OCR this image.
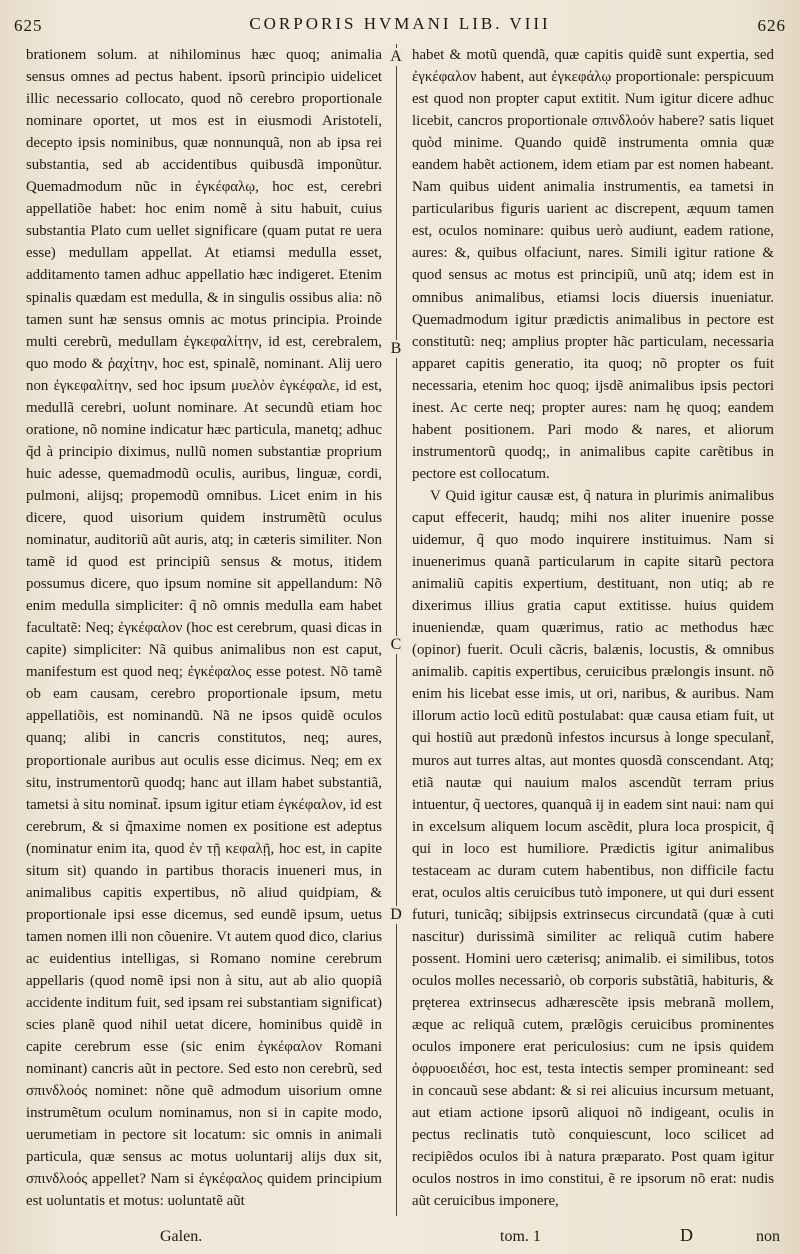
625	CORPORIS HVMANI LIB. VIII	626

brationem solum. at nihilominus hæc quoq; animalia sensus omnes ad pectus habent. ipsorũ principio uidelicet illic necessario collocato, quod nõ cerebro proportionale nominare oportet, ut mos est in eiusmodi Aristoteli, decepto ipsis nominibus, quæ nonnunquã, non ab ipsa rei substantia, sed ab accidentibus quibusdã imponũtur. Quemadmodum nũc in ἐγκέφαλῳ, hoc est, cerebri appellatiõe habet: hoc enim nomẽ à situ habuit, cuius substantia Plato cum uellet significare (quam putat re uera esse) medullam appellat. At etiamsi medulla esset, additamento tamen adhuc appellatio hæc indigeret. Etenim spinalis quædam est medulla, & in singulis ossibus alia: nõ tamen sunt hæ sensus omnis ac motus principia. Proinde multi cerebrũ, medullam ἐγκεφαλίτην, id est, cerebralem, quo modo & ῥαχίτην, hoc est, spinalẽ, nominant. Alij uero non ἐγκεφαλίτην, sed hoc ipsum μυελὸν ἐγκέφαλε, id est, medullã cerebri, uolunt nominare. At secundũ etiam hoc oratione, nõ nomine indicatur hæc particula, manetq; adhuc q̃d à principio diximus, nullũ nomen substantiæ proprium huic adesse, quemadmodũ oculis, auribus, linguæ, cordi, pulmoni, alijsq; propemodũ omnibus. Licet enim in his dicere, quod uisorium quidem instrumẽtũ oculus nominatur, auditoriũ aũt auris, atq; in cæteris similiter. Non tamẽ id quod est principiũ sensus & motus, itidem possumus dicere, quo ipsum nomine sit appellandum: Nõ enim medulla simpliciter: q̃ nõ omnis medulla eam habet facultatẽ: Neq; ἐγκέφαλον (hoc est cerebrum, quasi dicas in capite) simpliciter: Nã quibus animalibus non est caput, manifestum est quod neq; ἐγκέφαλος esse potest. Nõ tamẽ ob eam causam, cerebro proportionale ipsum, metu appellatiõis, est nominandũ. Nã ne ipsos quidẽ oculos quanq; alibi in cancris constitutos, neq; aures, proportionale auribus aut oculis esse dicimus. Neq; em ex situ, instrumentorũ quodq; hanc aut illam habet substantiã, tametsi à situ nominat̃. ipsum igitur etiam ἐγκέφαλον, id est cerebrum, & si q̃maxime nomen ex positione est adeptus (nominatur enim ita, quod ἐν τῇ κεφαλῇ, hoc est, in capite situm sit) quando in partibus thoracis inueneri mus, in animalibus capitis expertibus, nõ aliud quidpiam, & proportionale ipsi esse dicemus, sed eundẽ ipsum, uetus tamen nomen illi non cõuenire. Vt autem quod dico, clarius ac euidentius intelligas, si Romano nomine cerebrum appellaris (quod nomẽ ipsi non à situ, aut ab alio quopiã accidente inditum fuit, sed ipsam rei substantiam significat) scies planẽ quod nihil uetat dicere, hominibus quidẽ in capite cerebrum esse (sic enim ἐγκέφαλον Romani nominant) cancris aũt in pectore. Sed esto non cerebrũ, sed σπινδλοός nominet: nõne quẽ admodum uisorium omne instrumẽtum oculum nominamus, non si in capite modo, uerumetiam in pectore sit locatum: sic omnis in animali particula, quæ sensus ac motus uoluntarij alijs dux sit, σπινδλοός appellet? Nam si ἐγκέφαλος quidem principium est uoluntatis et motus: uoluntatẽ aũt

A
B
C
D

habet & motũ quendã, quæ capitis quidẽ sunt expertia, sed ἐγκέφαλον habent, aut ἐγκεφάλῳ proportionale: perspicuum est quod non propter caput extitit. Num igitur dicere adhuc licebit, cancros proportionale σπινδλοόν habere? satis liquet quòd minime. Quando quidẽ instrumenta omnia quæ eandem habẽt actionem, idem etiam par est nomen habeant. Nam quibus uident animalia instrumentis, ea tametsi in particularibus figuris uarient ac discrepent, æquum tamen est, oculos nominare: quibus uerò audiunt, eadem ratione, aures: &, quibus olfaciunt, nares. Simili igitur ratione & quod sensus ac motus est principiũ, unũ atq; idem est in omnibus animalibus, etiamsi locis diuersis inueniatur. Quemadmodum igitur prædictis animalibus in pectore est constitutũ: neq; amplius propter hãc particulam, necessaria apparet capitis generatio, ita quoq; nõ propter os fuit necessaria, etenim hoc quoq; ijsdẽ animalibus ipsis pectori inest. Ac certe neq; propter aures: nam hę quoq; eandem habent positionem. Pari modo & nares, et aliorum instrumentorũ quodq;, in animalibus capite carẽtibus in pectore est collocatum.

V Quid igitur causæ est, q̃ natura in plurimis animalibus caput effecerit, haudq; mihi nos aliter inuenire posse uidemur, q̃ quo modo inquirere instituimus. Nam si inuenerimus quanã particularum in capite sitarũ pectora animaliũ capitis expertium, destituant, non utiq; ab re dixerimus illius gratia caput extitisse. huius quidem inueniendæ, quam quærimus, ratio ac methodus hæc (opinor) fuerit. Oculi cãcris, balænis, locustis, & omnibus animalib. capitis expertibus, ceruicibus prælongis insunt. nõ enim his licebat esse imis, ut ori, naribus, & auribus. Nam illorum actio locũ editũ postulabat: quæ causa etiam fuit, ut qui hostiũ aut prædonũ infestos incursus à longe speculant̃, muros aut turres altas, aut montes quosdã conscendant. Atq; etiã nautæ qui nauium malos ascendũt terram prius intuentur, q̃ uectores, quanquã ij in eadem sint naui: nam qui in excelsum aliquem locum ascẽdit, plura loca prospicit, q̃ qui in loco est humiliore. Prædictis igitur animalibus testaceam ac duram cutem habentibus, non difficile factu erat, oculos altis ceruicibus tutò imponere, ut qui duri essent futuri, tunicãq; sibijpsis extrinsecus circundatã (quæ à cuti nascitur) durissimã similiter ac reliquã cutim habere possent. Homini uero cæterisq; animalib. ei similibus, totos oculos molles necessariò, ob corporis substãtiã, habituris, & pręterea extrinsecus adhærescẽte ipsis mebranã mollem, æque ac reliquã cutem, prælõgis ceruicibus prominentes oculos imponere erat periculosius: cum ne ipsis quidem ὀφρυοειδέσι, hoc est, testa intectis semper promineant: sed in concauũ sese abdant: & si rei alicuius incursum metuant, aut etiam actione ipsorũ aliquoi nõ indigeant, oculis in pectus reclinatis tutò conquiescunt, loco scilicet ad recipiẽdos oculos ibi à natura præparato. Post quam igitur oculos nostros in imo constitui, ẽ re ipsorum nõ erat: nudis aũt ceruicibus imponere,

Galen.	tom. 1	D	non
